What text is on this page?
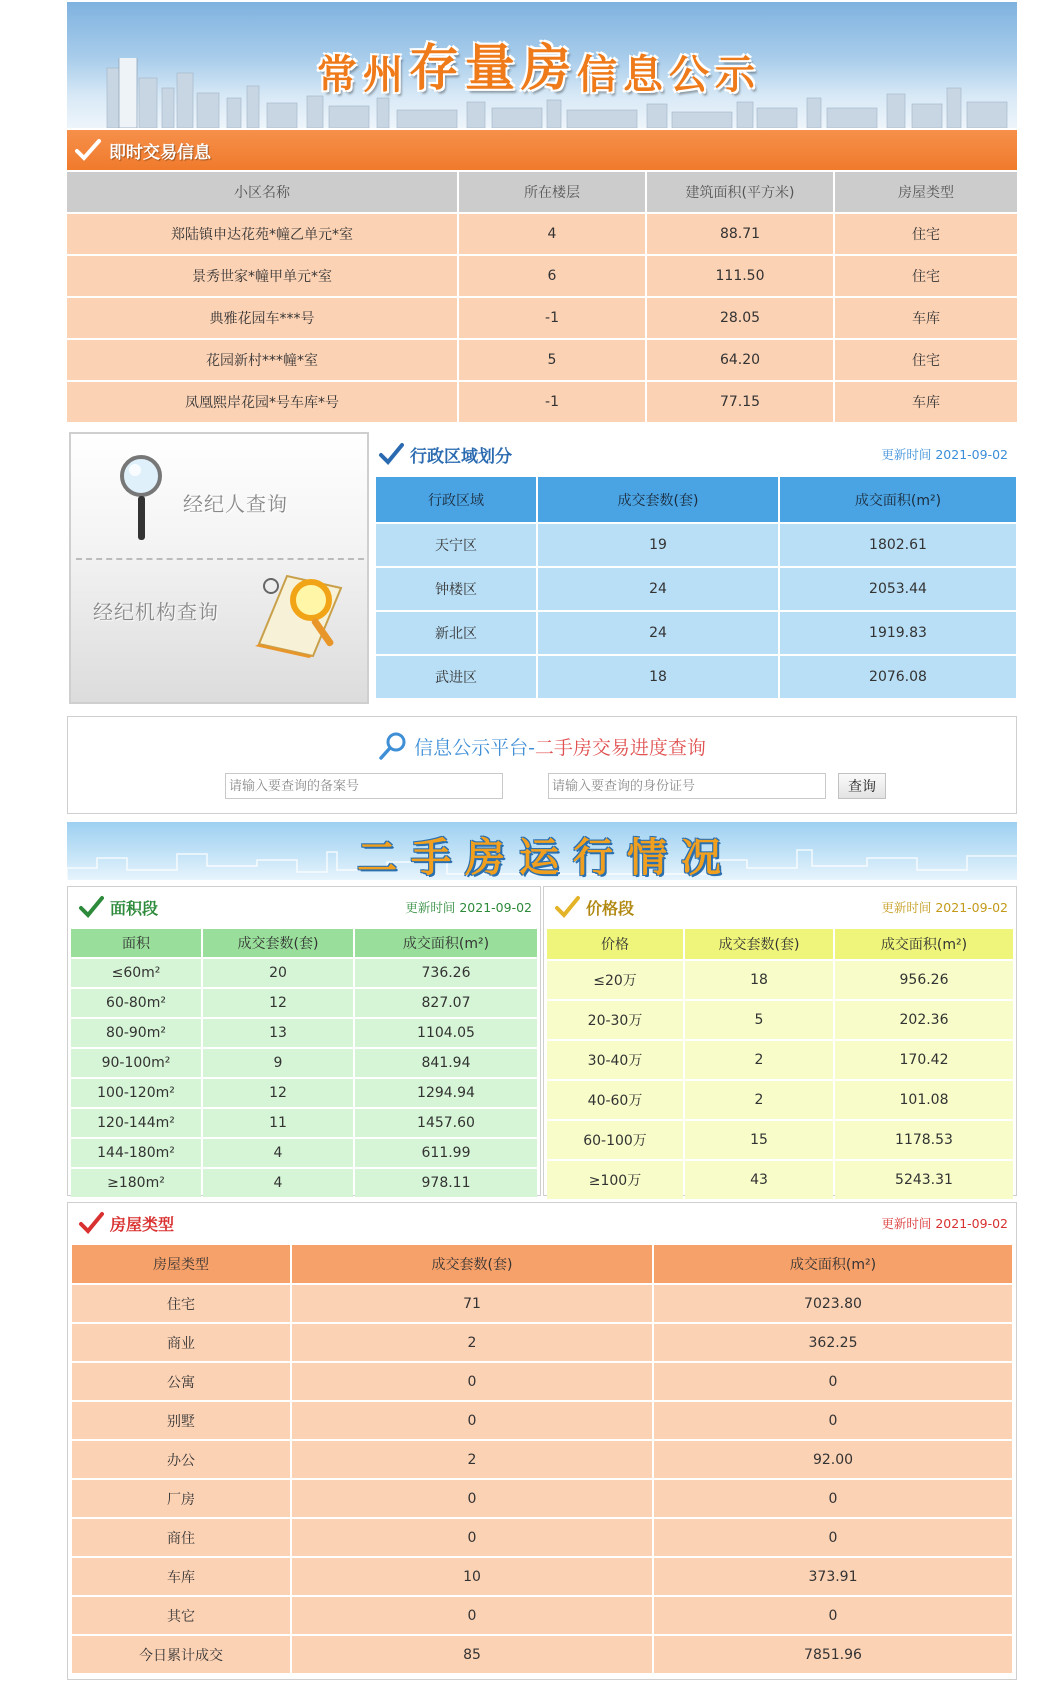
常州 存量房 信息公示
即时交易信息
小区名称	所在楼层	建筑面积(平方米)	房屋类型
郑陆镇申达花苑*幢乙单元*室	4	88.71	住宅
景秀世家*幢甲单元*室	6	111.50	住宅
典雅花园车***号	-1	28.05	车库
花园新村***幢*室	5	64.20	住宅
凤凰熙岸花园*号车库*号	-1	77.15	车库
经纪人查询
经纪机构查询
行政区域划分	更新时间 2021-09-02
行政区域	成交套数(套)	成交面积(m²)
天宁区	19	1802.61
钟楼区	24	2053.44
新北区	24	1919.83
武进区	18	2076.08
信息公示平台- 二手房交易进度查询
请输入要查询的备案号
请输入要查询的身份证号
查询
二手房运行情况
面积段	更新时间 2021-09-02
面积	成交套数(套)	成交面积(m²)
≤60m²	20	736.26
60-80m²	12	827.07
80-90m²	13	1104.05
90-100m²	9	841.94
100-120m²	12	1294.94
120-144m²	11	1457.60
144-180m²	4	611.99
≥180m²	4	978.11
价格段	更新时间 2021-09-02
价格	成交套数(套)	成交面积(m²)
≤20万	18	956.26
20-30万	5	202.36
30-40万	2	170.42
40-60万	2	101.08
60-100万	15	1178.53
≥100万	43	5243.31
房屋类型	更新时间 2021-09-02
房屋类型	成交套数(套)	成交面积(m²)
住宅	71	7023.80
商业	2	362.25
公寓	0	0
别墅	0	0
办公	2	92.00
厂房	0	0
商住	0	0
车库	10	373.91
其它	0	0
今日累计成交	85	7851.96
